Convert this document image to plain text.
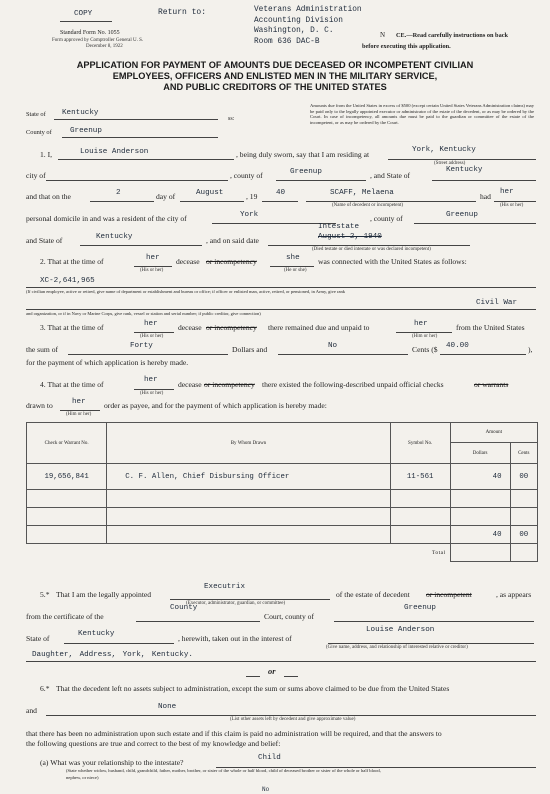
COPY
Standard Form No. 1055
Form approved by Comptroller General U. S.
December 8, 1922
Return to:	Veterans Administration
Accounting Division
Washington, D. C.
Room 636 DAC-B
N CE.—Read carefully instructions on back
before executing this application.
APPLICATION FOR PAYMENT OF AMOUNTS DUE DECEASED OR INCOMPETENT CIVILIAN
EMPLOYEES, OFFICERS AND ENLISTED MEN IN THE MILITARY SERVICE,
AND PUBLIC CREDITORS OF THE UNITED STATES
State of Kentucky
County of Greenup
ss:
Amounts due from the United States in excess of $500 (except certain United States Veterans Administration claims) may be paid only to the legally appointed executor or administrator of the estate of the decedent, or as may be ordered by the Court. In case of incompetency, all amounts due must be paid to the guardian or committee of the estate of the incompetent, or as may be ordered by the Court.
1. I,	Louise Anderson	, being duly sworn, say that I am residing at	York, Kentucky
(Street address)
city of	, county of	Greenup	, and State of
Kentucky
and that on the	2	day of	August	, 19 40	SCAFF, Melaena
(Name of decedent or incompetent)
had her
(His or her)
personal domicile in and was a resident of the city of	York	, county of	Greenup
and State of	Kentucky	, and on said date
Intestate
August 2, 1940
(Died testate or died intestate or was declared incompetent)
2. That at the time of	her
(His or her)
decease or incompetency	she
(He or she)
was connected with the United States as follows:
XC-2,641,965
(If civilian employee, active or retired, give name of department or establishment and bureau or office; if officer or enlisted man, active, retired, or pensioned, in Army, give rank
Civil War
and organization, or if in Navy or Marine Corps, give rank, vessel or station and serial number; if public creditor, give connection)
3. That at the time of	her
(His or her)
decease or incompetency there remained due and unpaid to	her
(Him or her)
from the United States
the sum of	Forty	Dollars and	No	Cents ($ 40.00	),
for the payment of which application is hereby made.
4. That at the time of	her
(His or her)
decease or incompetency there existed the following-described unpaid official checks	or warrants
drawn to	her
(Him or her)
order as payee, and for the payment of which application is hereby made:
Check or Warrant No.	By Whom Drawn	Symbol No.	Amount	
			Dollars	Cents
19,656,841	C. F. Allen, Chief Disbursing Officer	11-561	40	00

			40	00
		Total		
5.* That I am the legally appointed
Executrix
(Executor, administrator, guardian, or committee)
of the estate of decedent or incompetent	, as appears
from the certificate of the
County
Court, county of
Greenup
State of	Kentucky	, herewith, taken out in the interest of
Louise Anderson
(Give name, address, and relationship of interested relative or creditor)
Daughter, Address, York, Kentucky.
or
6.* That the decedent left no assets subject to administration, except the sum or sums above claimed to be due from the United States
and	None
(List other assets left by decedent and give approximate value)
that there has been no administration upon such estate and if this claim is paid no administration will be required, and that the answers to
the following questions are true and correct to the best of my knowledge and belief:
(a) What was your relationship to the intestate?	Child
(State whether widow, husband, child, grandchild, father, mother, brother, or sister of the whole or half blood, child of deceased brother or sister of the whole or half blood,
nephew, or niece)
No
